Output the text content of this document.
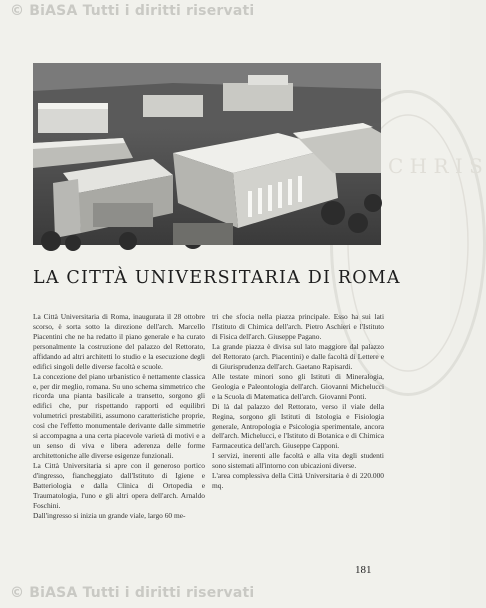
© BiASA Tutti i diritti riservati
C H R I S
LA CITTÀ UNIVERSITARIA DI ROMA

La Città Universitaria di Roma, inaugurata il 28 ottobre scorso, è sorta sotto la direzione dell'arch. Marcello Piacentini che ne ha redatto il piano generale e ha curato personalmente la costruzione del palazzo del Rettorato, affidando ad altri architetti lo studio e la esecuzione degli edifici singoli delle diverse facoltà e scuole.

La concezione del piano urbanistico è nettamente classica e, per dir meglio, romana. Su uno schema simmetrico che ricorda una pianta basilicale a transetto, sorgono gli edifici che, pur rispettando rapporti ed equilibri volumetrici prestabiliti, assumono caratteristiche proprie, così che l'effetto monumentale derivante dalle simmetrie si accompagna a una certa piacevole varietà di motivi e a un senso di viva e libera aderenza delle forme architettoniche alle diverse esigenze funzionali.

La Città Universitaria si apre con il generoso portico d'ingresso, fiancheggiato dall'Istituto di Igiene e Batteriologia e dalla Clinica di Ortopedia e Traumatologia, l'uno e gli altri opera dell'arch. Arnaldo Foschini.

Dall'ingresso si inizia un grande viale, largo 60 me-

tri che sfocia nella piazza principale. Esso ha sui lati l'Istituto di Chimica dell'arch. Pietro Aschieri e l'Istituto di Fisica dell'arch. Giuseppe Pagano.

La grande piazza è divisa sul lato maggiore dal palazzo del Rettorato (arch. Piacentini) e dalle facoltà di Lettere e di Giurisprudenza dell'arch. Gaetano Rapisardi.

Alle testate minori sono gli Istituti di Mineralogia, Geologia e Paleontologia dell'arch. Giovanni Michelucci e la Scuola di Matematica dell'arch. Giovanni Ponti.

Di là dal palazzo del Rettorato, verso il viale della Regina, sorgono gli Istituti di Istologia e Fisiologia generale, Antropologia e Psicologia sperimentale, ancora dell'arch. Michelucci, e l'Istituto di Botanica e di Chimica Farmaceutica dell'arch. Giuseppe Capponi.

I servizi, inerenti alle facoltà e alla vita degli studenti sono sistemati all'intorno con ubicazioni diverse.

L'area complessiva della Città Universitaria è di 220.000 mq.

181
© BiASA Tutti i diritti riservati
